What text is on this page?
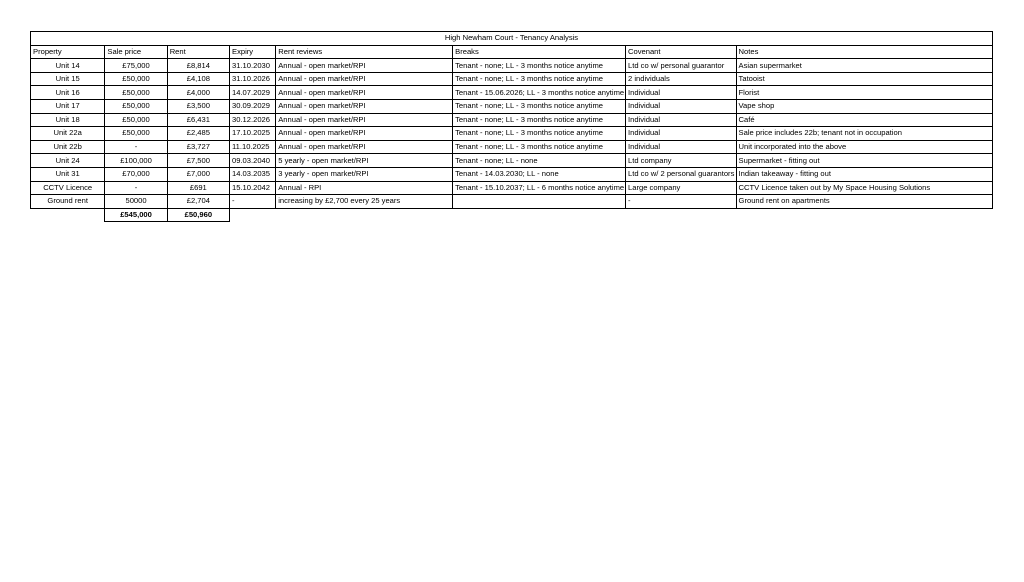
High Newham Court - Tenancy Analysis							
Property	Sale price	Rent	Expiry	Rent reviews	Breaks	Covenant	Notes
Unit 14	£75,000	£8,814	31.10.2030	Annual - open market/RPI	Tenant - none; LL - 3 months notice anytime	Ltd co w/ personal guarantor	Asian supermarket
Unit 15	£50,000	£4,108	31.10.2026	Annual - open market/RPI	Tenant - none; LL - 3 months notice anytime	2 individuals	Tatooist
Unit 16	£50,000	£4,000	14.07.2029	Annual - open market/RPI	Tenant - 15.06.2026; LL - 3 months notice anytime	Individual	Florist
Unit 17	£50,000	£3,500	30.09.2029	Annual - open market/RPI	Tenant - none; LL - 3 months notice anytime	Individual	Vape shop
Unit 18	£50,000	£6,431	30.12.2026	Annual - open market/RPI	Tenant - none; LL - 3 months notice anytime	Individual	Café
Unit 22a	£50,000	£2,485	17.10.2025	Annual - open market/RPI	Tenant - none; LL - 3 months notice anytime	Individual	Sale price includes 22b; tenant not in occupation
Unit 22b	-	£3,727	11.10.2025	Annual - open market/RPI	Tenant - none; LL - 3 months notice anytime	Individual	Unit incorporated into the above
Unit 24	£100,000	£7,500	09.03.2040	5 yearly - open market/RPI	Tenant - none; LL - none	Ltd company	Supermarket - fitting out
Unit 31	£70,000	£7,000	14.03.2035	3 yearly - open market/RPI	Tenant - 14.03.2030; LL - none	Ltd co w/ 2 personal guarantors	Indian takeaway - fitting out
CCTV Licence	-	£691	15.10.2042	Annual - RPI	Tenant - 15.10.2037; LL - 6 months notice anytime	Large company	CCTV Licence taken out by My Space Housing Solutions
Ground rent	50000	£2,704	-	increasing by £2,700 every 25 years		-	Ground rent on apartments
	£545,000	£50,960					
